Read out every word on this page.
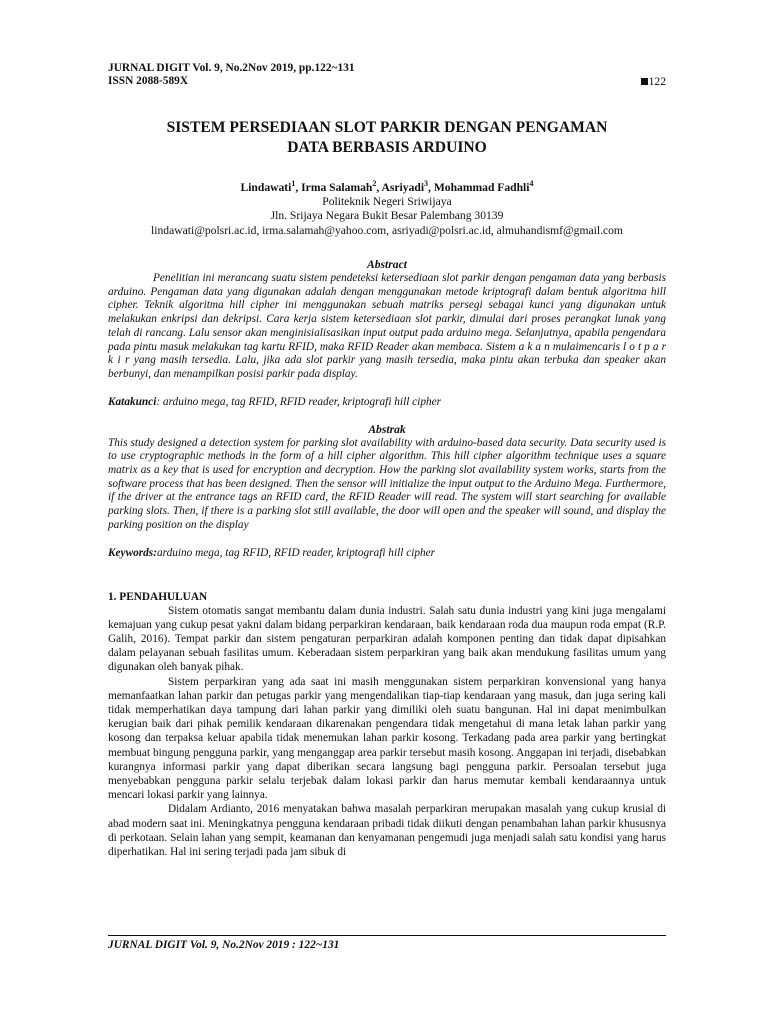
JURNAL DIGIT Vol. 9, No.2Nov 2019, pp.122~131
ISSN 2088-589X	122
SISTEM PERSEDIAAN SLOT PARKIR DENGAN PENGAMAN
DATA BERBASIS ARDUINO
Lindawati$^1$, Irma Salamah$^2$, Asriyadi$^3$, Mohammad Fadhli$^4$
Politeknik Negeri Sriwijaya
Jln. Srijaya Negara Bukit Besar Palembang 30139
lindawati@polsri.ac.id, irma.salamah@yahoo.com, asriyadi@polsri.ac.id, almuhandismf@gmail.com
Abstract
Penelitian ini merancang suatu sistem pendeteksi ketersediaan slot parkir dengan pengaman data yang berbasis arduino. Pengaman data yang digunakan adalah dengan menggunakan metode kriptografi dalam bentuk algoritma hill cipher. Teknik algoritma hill cipher ini menggunakan sebuah matriks persegi sebagai kunci yang digunakan untuk melakukan enkripsi dan dekripsi. Cara kerja sistem ketersediaan slot parkir, dimulai dari proses perangkat lunak yang telah di rancang. Lalu sensor akan menginisialisasikan input output pada arduino mega. Selanjutnya, apabila pengendara pada pintu masuk melakukan tag kartu RFID, maka RFID Reader akan membaca. Sistem a k a n mulaimencaris l o t p a r k i r yang masih tersedia. Lalu, jika ada slot parkir yang masih tersedia, maka pintu akan terbuka dan speaker akan berbunyi, dan menampilkan posisi parkir pada display.
Katakunci: arduino mega, tag RFID, RFID reader, kriptografi hill cipher
Abstrak
This study designed a detection system for parking slot availability with arduino-based data security. Data security used is to use cryptographic methods in the form of a hill cipher algorithm. This hill cipher algorithm technique uses a square matrix as a key that is used for encryption and decryption. How the parking slot availability system works, starts from the software process that has been designed. Then the sensor will initialize the input output to the Arduino Mega. Furthermore, if the driver at the entrance tags an RFID card, the RFID Reader will read. The system will start searching for available parking slots. Then, if there is a parking slot still available, the door will open and the speaker will sound, and display the parking position on the display
Keywords:arduino mega, tag RFID, RFID reader, kriptografi hill cipher
1. PENDAHULUAN

Sistem otomatis sangat membantu dalam dunia industri. Salah satu dunia industri yang kini juga mengalami kemajuan yang cukup pesat yakni dalam bidang perparkiran kendaraan, baik kendaraan roda dua maupun roda empat (R.P. Galih, 2016). Tempat parkir dan sistem pengaturan perparkiran adalah komponen penting dan tidak dapat dipisahkan dalam pelayanan sebuah fasilitas umum. Keberadaan sistem perparkiran yang baik akan mendukung fasilitas umum yang digunakan oleh banyak pihak.

Sistem perparkiran yang ada saat ini masih menggunakan sistem perparkiran konvensional yang hanya memanfaatkan lahan parkir dan petugas parkir yang mengendalikan tiap-tiap kendaraan yang masuk, dan juga sering kali tidak memperhatikan daya tampung dari lahan parkir yang dimiliki oleh suatu bangunan. Hal ini dapat menimbulkan kerugian baik dari pihak pemilik kendaraan dikarenakan pengendara tidak mengetahui di mana letak lahan parkir yang kosong dan terpaksa keluar apabila tidak menemukan lahan parkir kosong. Terkadang pada area parkir yang bertingkat membuat bingung pengguna parkir, yang menganggap area parkir tersebut masih kosong. Anggapan ini terjadi, disebabkan kurangnya informasi parkir yang dapat diberikan secara langsung bagi pengguna parkir. Persoalan tersebut juga menyebabkan pengguna parkir selalu terjebak dalam lokasi parkir dan harus memutar kembali kendaraannya untuk mencari lokasi parkir yang lainnya.

Didalam Ardianto, 2016 menyatakan bahwa masalah perparkiran merupakan masalah yang cukup krusial di abad modern saat ini. Meningkatnya pengguna kendaraan pribadi tidak diikuti dengan penambahan lahan parkir khususnya di perkotaan. Selain lahan yang sempit, keamanan dan kenyamanan pengemudi juga menjadi salah satu kondisi yang harus diperhatikan. Hal ini sering terjadi pada jam sibuk di

JURNAL DIGIT Vol. 9, No.2Nov 2019 : 122~131
